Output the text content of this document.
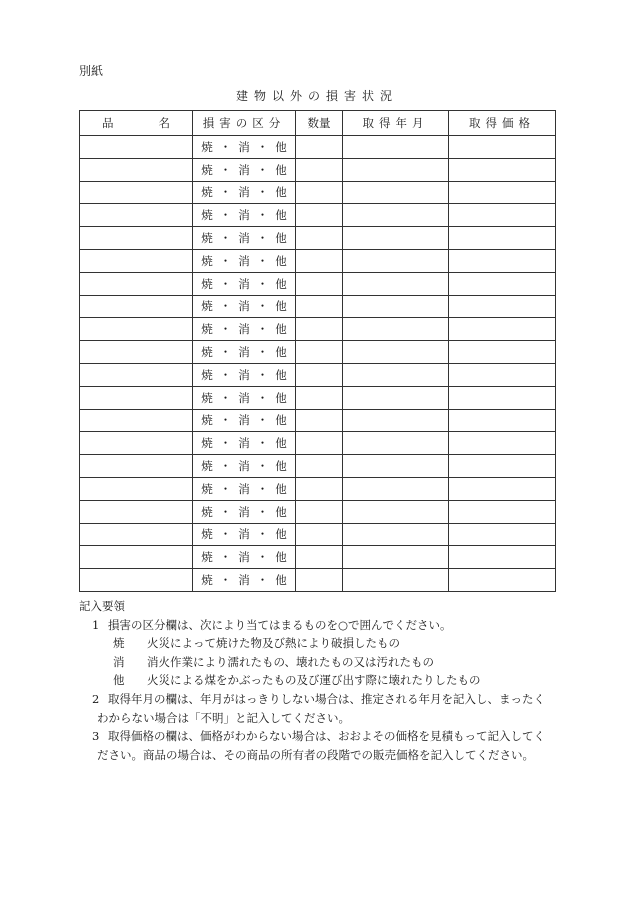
別紙
建物以外の損害状況
品 名	損害の区分	数量	取得年月	取得価格

	焼 ・ 消 ・ 他			

	焼 ・ 消 ・ 他			

	焼 ・ 消 ・ 他			

	焼 ・ 消 ・ 他			

	焼 ・ 消 ・ 他			

	焼 ・ 消 ・ 他			

	焼 ・ 消 ・ 他			

	焼 ・ 消 ・ 他			

	焼 ・ 消 ・ 他			

	焼 ・ 消 ・ 他			

	焼 ・ 消 ・ 他			

	焼 ・ 消 ・ 他			

	焼 ・ 消 ・ 他			

	焼 ・ 消 ・ 他			

	焼 ・ 消 ・ 他			

	焼 ・ 消 ・ 他			

	焼 ・ 消 ・ 他			

	焼 ・ 消 ・ 他			

	焼 ・ 消 ・ 他			

	焼 ・ 消 ・ 他			

記入要領
1 損害の区分欄は、次により当てはまるものを○で囲んでください。
焼	火災によって焼けた物及び熱により破損したもの
消	消火作業により濡れたもの、壊れたもの又は汚れたもの
他	火災による煤をかぶったもの及び運び出す際に壊れたりしたもの
2 取得年月の欄は、年月がはっきりしない場合は、推定される年月を記入し、まったく
わからない場合は「不明」と記入してください。
3 取得価格の欄は、価格がわからない場合は、おおよその価格を見積もって記入してく
ださい。商品の場合は、その商品の所有者の段階での販売価格を記入してください。
